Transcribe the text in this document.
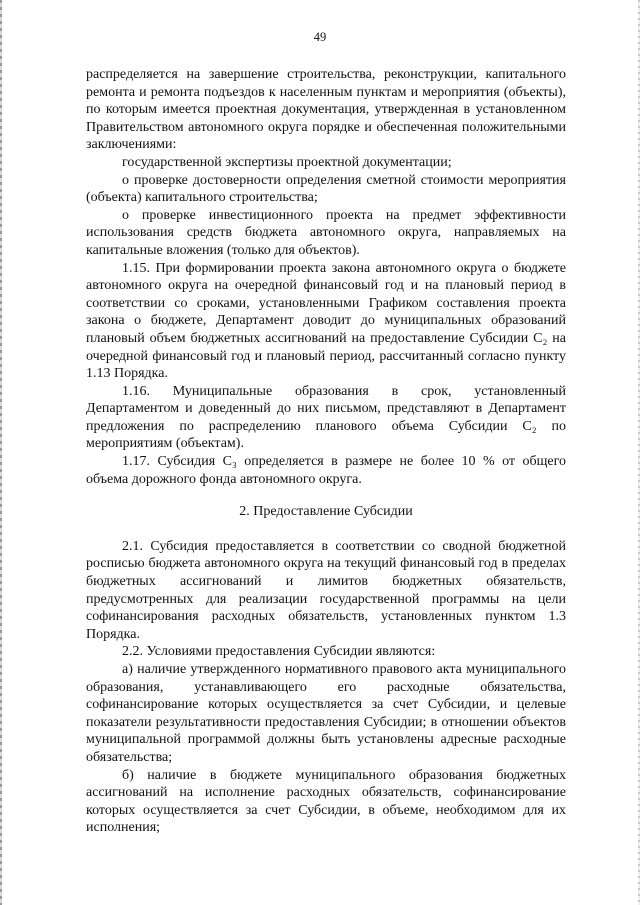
49

распределяется на завершение строительства, реконструкции, капитального ремонта и ремонта подъездов к населенным пунктам и мероприятия (объекты), по которым имеется проектная документация, утвержденная в установленном Правительством автономного округа порядке и обеспеченная положительными заключениями:

государственной экспертизы проектной документации;

о проверке достоверности определения сметной стоимости мероприятия (объекта) капитального строительства;

о проверке инвестиционного проекта на предмет эффективности использования средств бюджета автономного округа, направляемых на капитальные вложения (только для объектов).

1.15. При формировании проекта закона автономного округа о бюджете автономного округа на очередной финансовый год и на плановый период в соответствии со сроками, установленными Графиком составления проекта закона о бюджете, Департамент доводит до муниципальных образований плановый объем бюджетных ассигнований на предоставление Субсидии С₂ на очередной финансовый год и плановый период, рассчитанный согласно пункту 1.13 Порядка.

1.16. Муниципальные образования в срок, установленный Департаментом и доведенный до них письмом, представляют в Департамент предложения по распределению планового объема Субсидии С₂ по мероприятиям (объектам).

1.17. Субсидия С₃ определяется в размере не более 10 % от общего объема дорожного фонда автономного округа.

2. Предоставление Субсидии

2.1. Субсидия предоставляется в соответствии со сводной бюджетной росписью бюджета автономного округа на текущий финансовый год в пределах бюджетных ассигнований и лимитов бюджетных обязательств, предусмотренных для реализации государственной программы на цели софинансирования расходных обязательств, установленных пунктом 1.3 Порядка.

2.2. Условиями предоставления Субсидии являются:

а) наличие утвержденного нормативного правового акта муниципального образования, устанавливающего его расходные обязательства, софинансирование которых осуществляется за счет Субсидии, и целевые показатели результативности предоставления Субсидии; в отношении объектов муниципальной программой должны быть установлены адресные расходные обязательства;

б) наличие в бюджете муниципального образования бюджетных ассигнований на исполнение расходных обязательств, софинансирование которых осуществляется за счет Субсидии, в объеме, необходимом для их исполнения;
